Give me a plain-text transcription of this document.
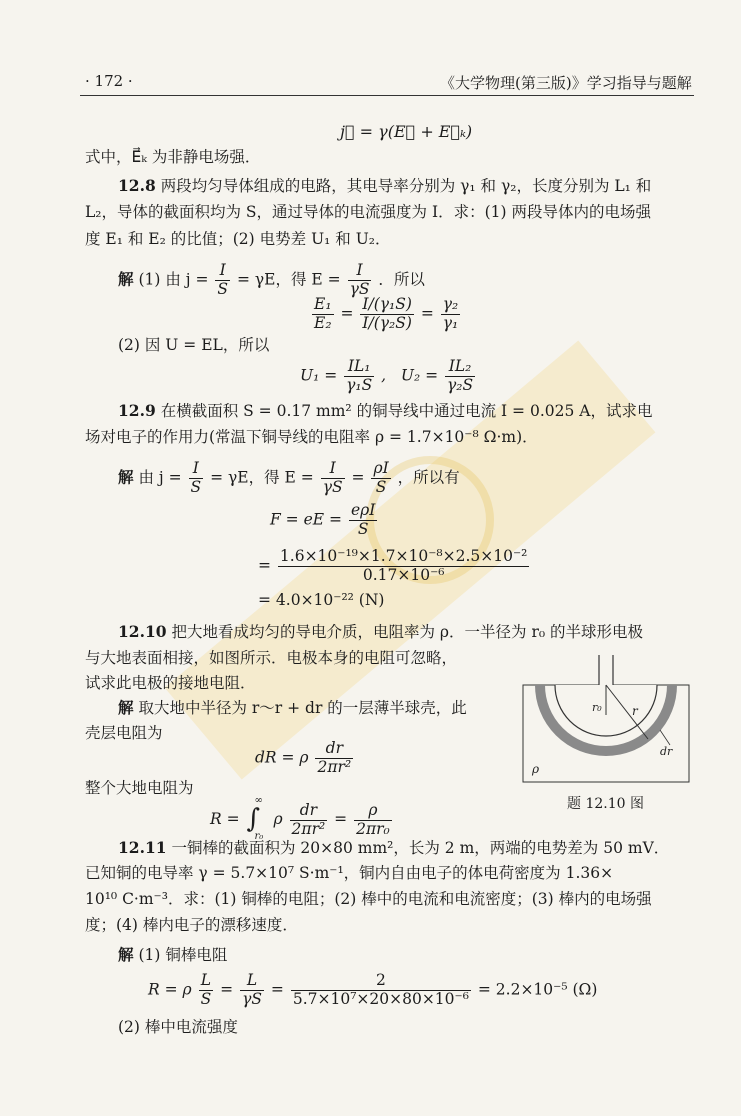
· 172 ·	《大学物理(第三版)》学习指导与题解
j⃗ = γ(E⃗ + E⃗ₖ)
式中，E⃗ₖ 为非静电场强．
12.8 两段均匀导体组成的电路，其电导率分别为 γ₁ 和 γ₂，长度分别为 L₁ 和
L₂，导体的截面积均为 S，通过导体的电流强度为 I．求：(1) 两段导体内的电场强
度 E₁ 和 E₂ 的比值；(2) 电势差 U₁ 和 U₂．
解 (1) 由 $j = \frac{I}{S} = \gamma E$，得 $E = \frac{I}{\gamma S}$ ．所以
$\frac{\text{E₁}}{\text{E₂}} = \frac{\text{I/(γ₁S)}}{\text{I/(γ₂S)}} = \frac{\text{γ₂}}{\text{γ₁}}$
(2) 因 U = EL，所以
$U_1 = \frac{\text{IL₁}}{\text{γ₁S}}$ ,   $U_2 = \frac{\text{IL₂}}{\text{γ₂S}}$
12.9 在横截面积 S = 0.17 mm² 的铜导线中通过电流 I = 0.025 A，试求电
场对电子的作用力(常温下铜导线的电阻率 ρ = 1.7×10⁻⁸ Ω·m)．
解 由 $j = \frac{I}{S} = \gamma E$，得 $E = \frac{I}{\gamma S} = \frac{\rho I}{S}$ ，所以有
F = eE = $\frac{\text{eρI}}{S}$
= $\frac{\text{1.6×10⁻¹⁹×1.7×10⁻⁸×2.5×10⁻²}}{\text{0.17×10⁻⁶}}$
= 4.0×10⁻²² (N)
12.10 把大地看成均匀的导电介质，电阻率为 ρ．一半径为 r₀ 的半球形电极
与大地表面相接，如图所示．电极本身的电阻可忽略，
试求此电极的接地电阻．
解 取大地中半径为 r～r + dr 的一层薄半球壳，此
壳层电阻为
dR = ρ $\frac{dr}{\text{2πr²}}$
整个大地电阻为
R =
∞
∫
r₀
ρ $\frac{dr}{\text{2πr²}} = \frac{\rho}{\text{2πr₀}}$
r₀	r
dr
ρ
题 12.10 图
12.11 一铜棒的截面积为 20×80 mm²，长为 2 m，两端的电势差为 50 mV．
已知铜的电导率 γ = 5.7×10⁷ S·m⁻¹，铜内自由电子的体电荷密度为 1.36×
10¹⁰ C·m⁻³．求：(1) 铜棒的电阻；(2) 棒中的电流和电流密度；(3) 棒内的电场强
度；(4) 棒内电子的漂移速度．
解 (1) 铜棒电阻
R = ρ $\frac{L}{S} = \frac{L}{\gamma S} = \frac{2}{\text{5.7×10⁷×20×80×10⁻⁶}} = 2.2\times 10^{-5}$ (Ω)
(2) 棒中电流强度
